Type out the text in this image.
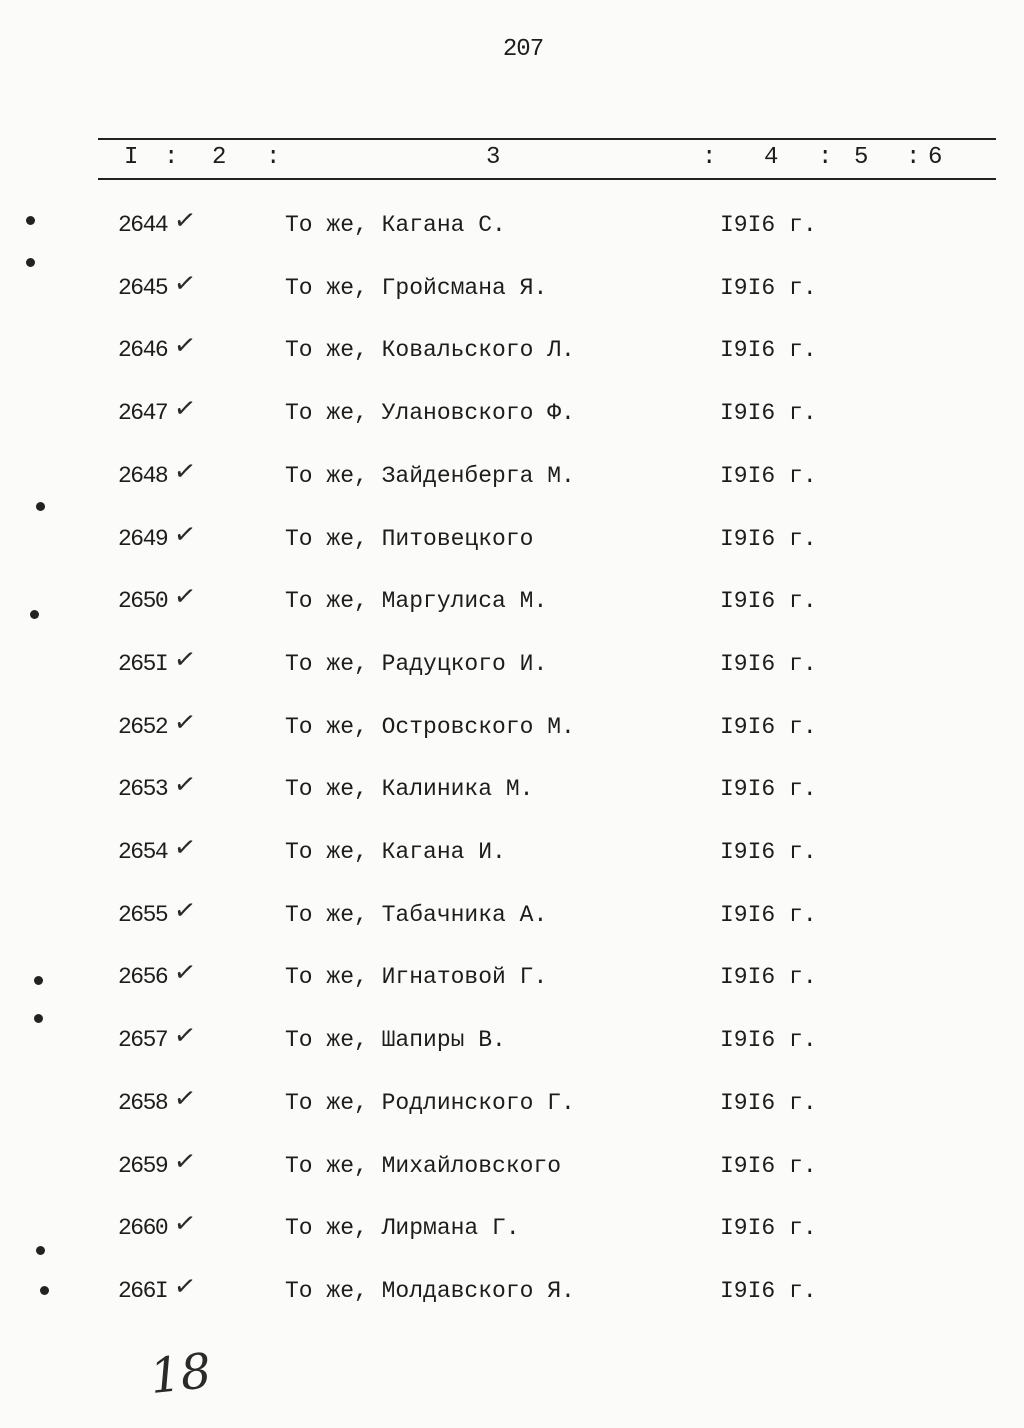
207
I : 2 :	3	: 4 : 5 : 6
2644 ✓	То же, Кагана С.	I9I6 г.
2645 ✓	То же, Гройсмана Я.	I9I6 г.
2646 ✓	То же, Ковальского Л.	I9I6 г.
2647 ✓	То же, Улановского Ф.	I9I6 г.
2648 ✓	То же, Зайденберга М.	I9I6 г.
2649 ✓	То же, Питовецкого	I9I6 г.
2650 ✓	То же, Маргулиса М.	I9I6 г.
265I ✓	То же, Радуцкого И.	I9I6 г.
2652 ✓	То же, Островского М.	I9I6 г.
2653 ✓	То же, Калиника М.	I9I6 г.
2654 ✓	То же, Кагана И.	I9I6 г.
2655 ✓	То же, Табачника А.	I9I6 г.
2656 ✓	То же, Игнатовой Г.	I9I6 г.
2657 ✓	То же, Шапиры В.	I9I6 г.
2658 ✓	То же, Родлинского Г.	I9I6 г.
2659 ✓	То же, Михайловского	I9I6 г.
2660 ✓	То же, Лирмана Г.	I9I6 г.
266I ✓	То же, Молдавского Я.	I9I6 г.
18
